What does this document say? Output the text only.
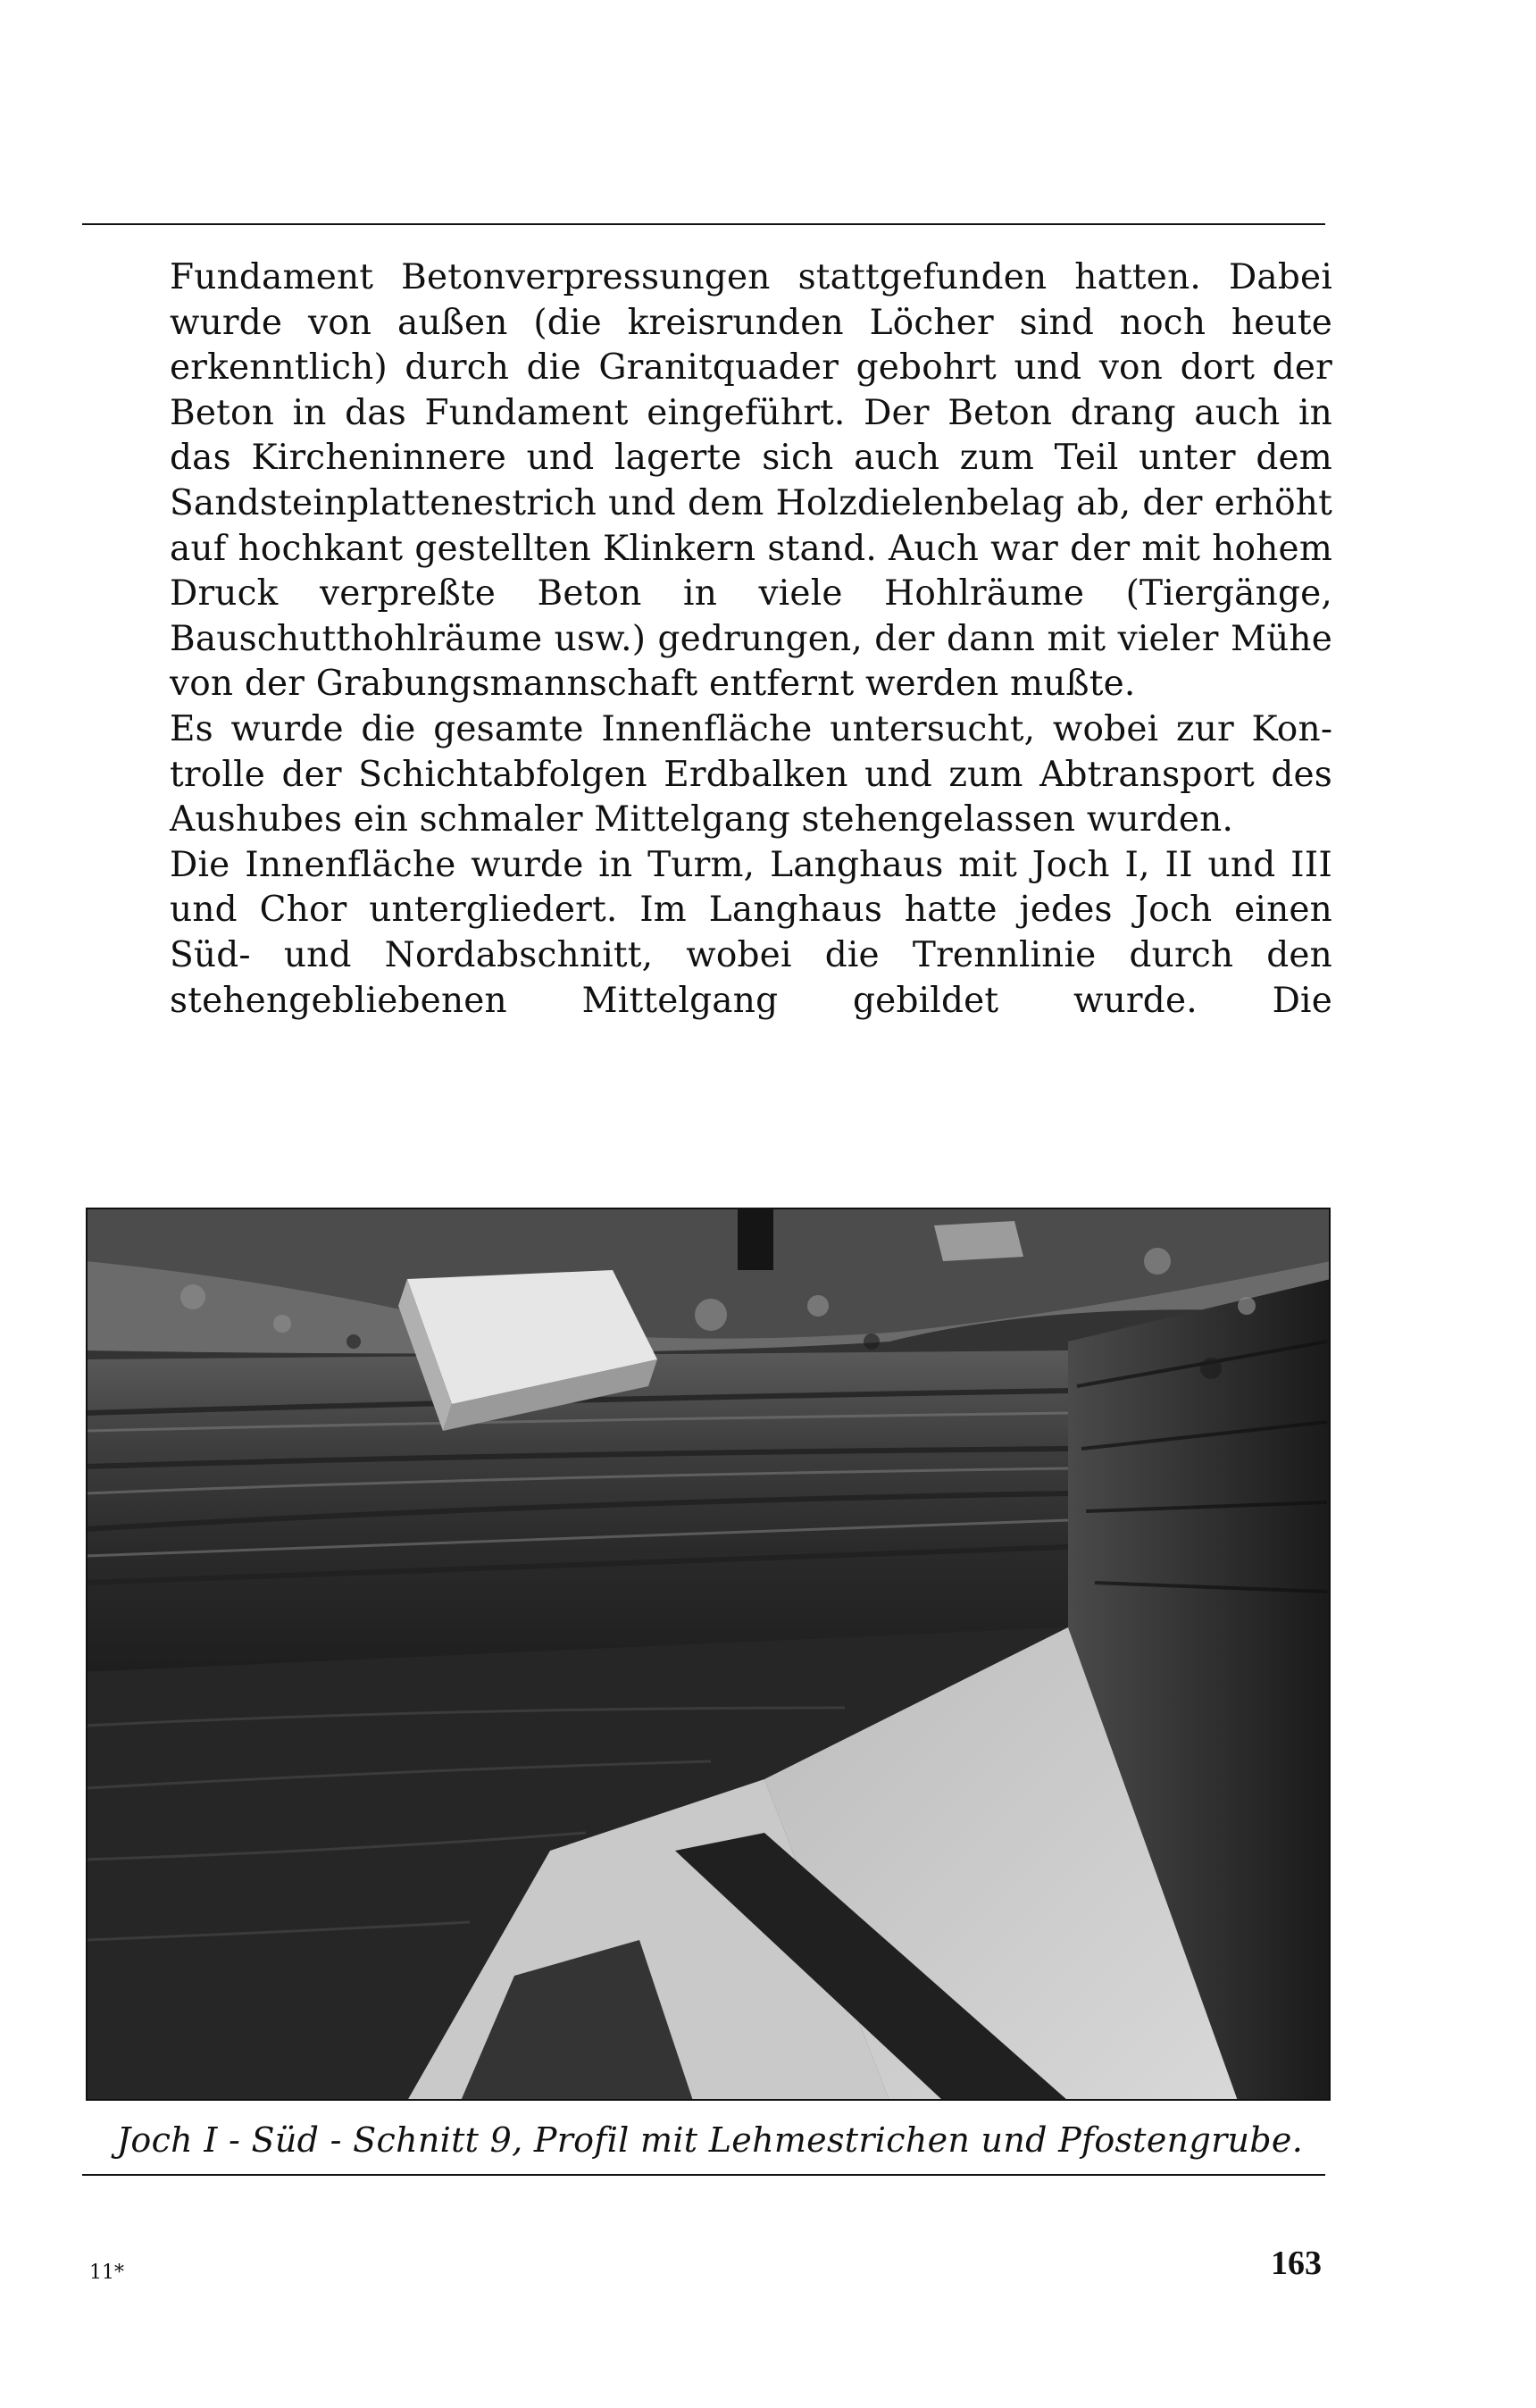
Fundament Betonverpressungen stattgefunden hatten. Dabei wurde von außen (die kreisrunden Löcher sind noch heute erkenntlich) durch die Granitquader gebohrt und von dort der Beton in das Fundament eingeführt. Der Beton drang auch in das Kircheninnere und lagerte sich auch zum Teil unter dem Sandsteinplattenestrich und dem Holzdielenbelag ab, der erhöht auf hochkant gestellten Klinkern stand. Auch war der mit hohem Druck verpreßte Beton in viele Hohlräume (Tiergänge, Bauschutthohlräume usw.) gedrungen, der dann mit vieler Mühe von der Grabungsmannschaft entfernt werden mußte.

Es wurde die gesamte Innenfläche untersucht, wobei zur Kontrolle der Schichtabfolgen Erdbalken und zum Abtransport des Aushubes ein schmaler Mittelgang stehengelassen wurden.

Die Innenfläche wurde in Turm, Langhaus mit Joch I, II und III und Chor untergliedert. Im Langhaus hatte jedes Joch einen Süd- und Nordabschnitt, wobei die Trennlinie durch den stehengebliebenen Mittelgang gebildet wurde. Die

Joch I - Süd - Schnitt 9, Profil mit Lehmestrichen und Pfostengrube.
11*	163
